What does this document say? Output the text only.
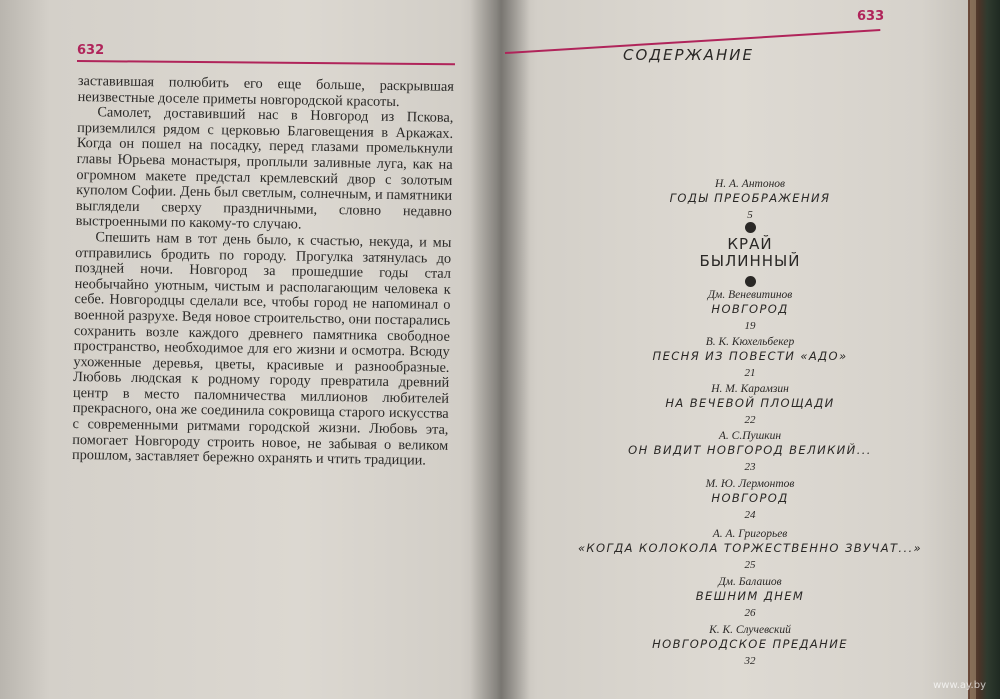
632

заставившая полюбить его еще больше, раскрывшая неизвестные доселе приметы новгородской красоты.

Самолет, доставивший нас в Новгород из Пскова, приземлился рядом с церковью Благовещения в Аркажах. Когда он пошел на посадку, перед глазами промелькнули главы Юрьева монастыря, проплыли заливные луга, как на огромном макете предстал кремлевский двор с золотым куполом Софии. День был светлым, солнечным, и памятники выглядели сверху праздничными, словно недавно выстроенными по какому-то случаю.

Спешить нам в тот день было, к счастью, некуда, и мы отправились бродить по городу. Прогулка затянулась до поздней ночи. Новгород за прошедшие годы стал необычайно уютным, чистым и располагающим человека к себе. Новгородцы сделали все, чтобы город не напоминал о военной разрухе. Ведя новое строительство, они постарались сохранить возле каждого древнего памятника свободное пространство, необходимое для его жизни и осмотра. Всюду ухоженные деревья, цветы, красивые и разнообразные. Любовь людская к родному городу превратила древний центр в место паломничества миллионов любителей прекрасного, она же соединила сокровища старого искусства с современными ритмами городской жизни. Любовь эта, помогает Новгороду строить новое, не забывая о великом прошлом, заставляет бережно охранять и чтить традиции.

633
СОДЕРЖАНИЕ
Н. А. Антонов
ГОДЫ ПРЕОБРАЖЕНИЯ
5
КРАЙ
БЫЛИННЫЙ
Дм. Веневитинов
НОВГОРОД
19
В. К. Кюхельбекер
ПЕСНЯ ИЗ ПОВЕСТИ «АДО»
21
Н. М. Карамзин
НА ВЕЧЕВОЙ ПЛОЩАДИ
22
А. С.Пушкин
ОН ВИДИТ НОВГОРОД ВЕЛИКИЙ...
23
М. Ю. Лермонтов
НОВГОРОД
24
А. А. Григорьев
«КОГДА КОЛОКОЛА ТОРЖЕСТВЕННО ЗВУЧАТ...»
25
Дм. Балашов
ВЕШНИМ ДНЕМ
26
К. К. Случевский
НОВГОРОДСКОЕ ПРЕДАНИЕ
32
www.ay.by
